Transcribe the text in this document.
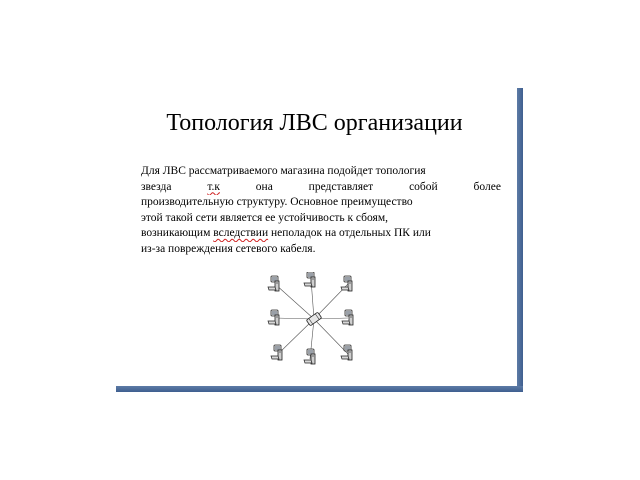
Топология ЛВС организации
Для ЛВС рассматриваемого магазина подойдет топология
звезда	т.к	она	представляет	собой	более
производительную структуру. Основное преимущество
этой такой сети является ее устойчивость к сбоям,
возникающим вследствии неполадок на отдельных ПК или
из-за повреждения сетевого кабеля.
